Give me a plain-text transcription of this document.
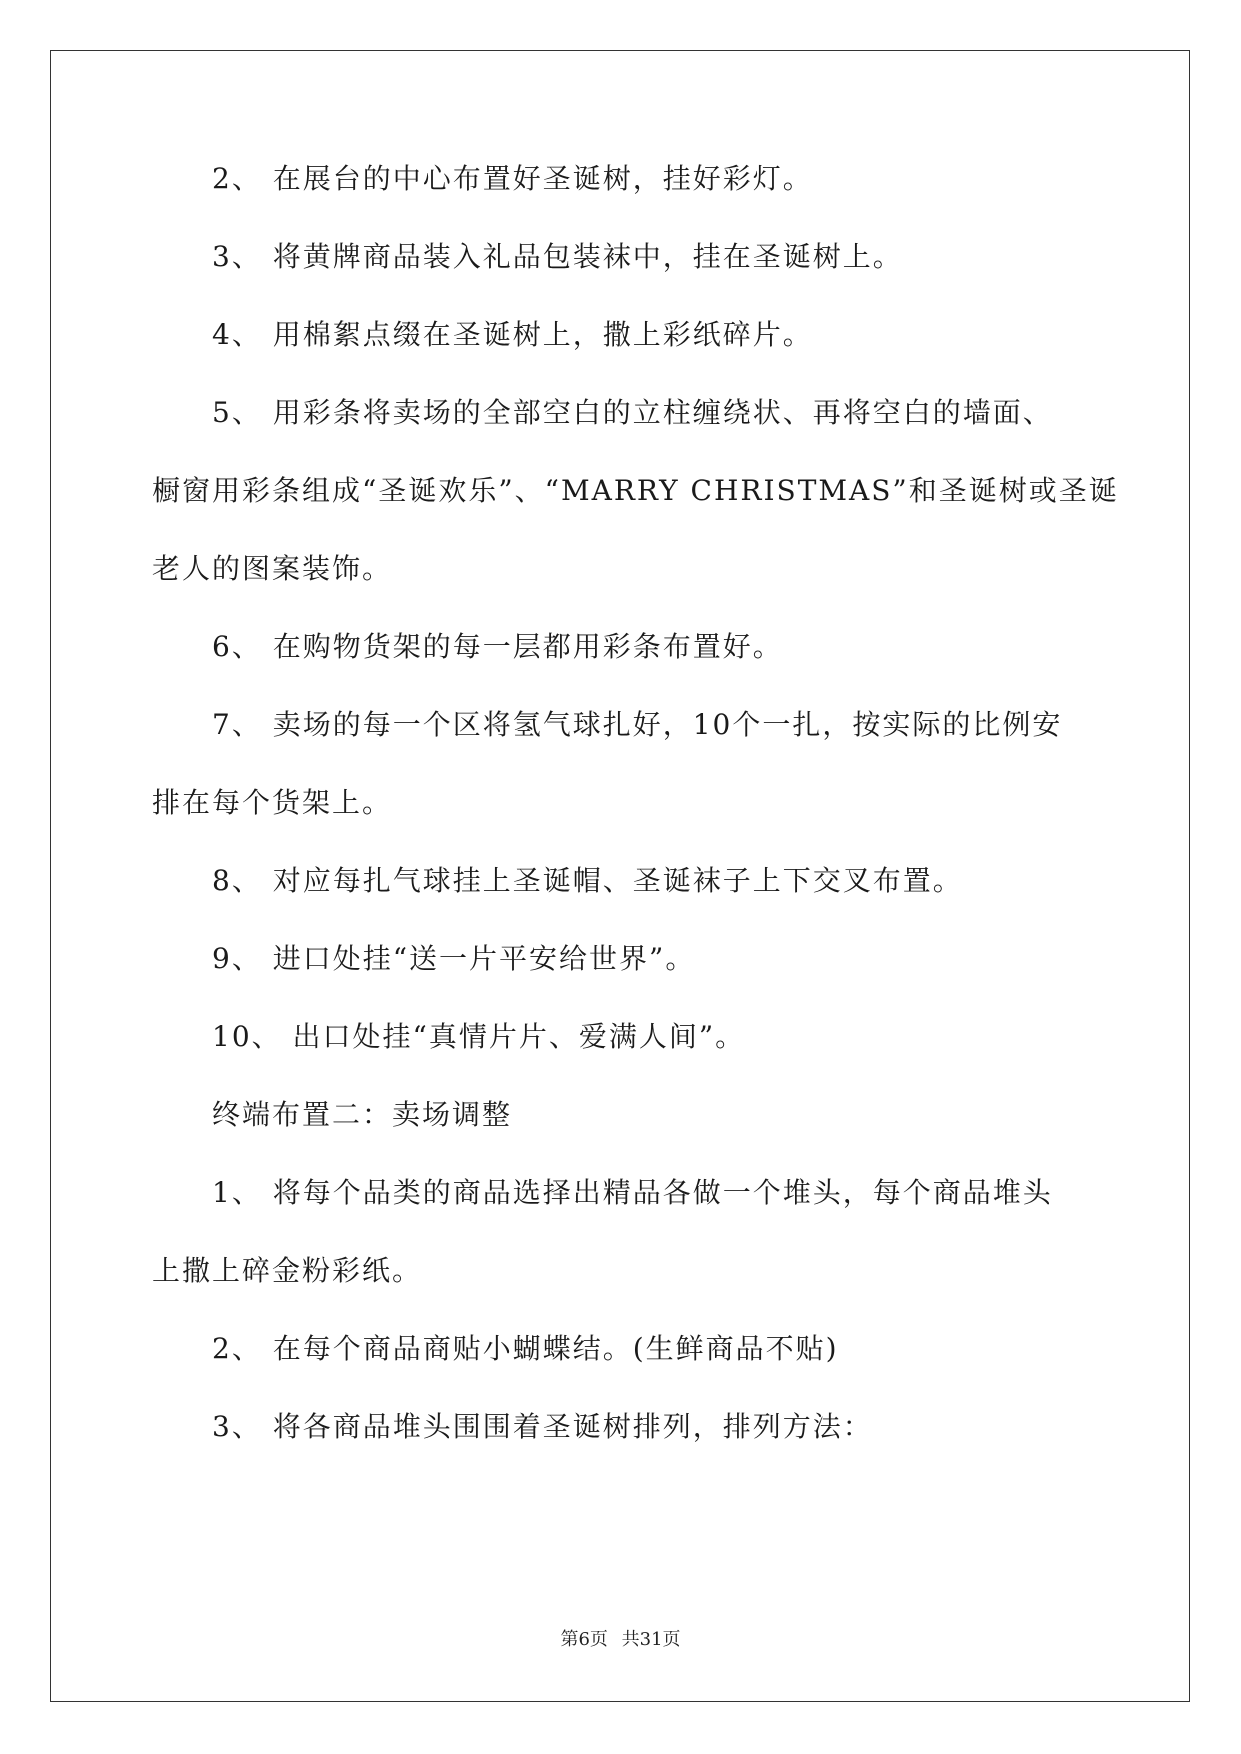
2、 在展台的中心布置好圣诞树，挂好彩灯。
3、 将黄牌商品装入礼品包装袜中，挂在圣诞树上。
4、 用棉絮点缀在圣诞树上，撒上彩纸碎片。
5、 用彩条将卖场的全部空白的立柱缠绕状、再将空白的墙面、
橱窗用彩条组成“圣诞欢乐”、“MARRY CHRISTMAS”和圣诞树或圣诞
老人的图案装饰。
6、 在购物货架的每一层都用彩条布置好。
7、 卖场的每一个区将氢气球扎好，10个一扎，按实际的比例安
排在每个货架上。
8、 对应每扎气球挂上圣诞帽、圣诞袜子上下交叉布置。
9、 进口处挂“送一片平安给世界”。
10、 出口处挂“真情片片、爱满人间”。
终端布置二：卖场调整
1、 将每个品类的商品选择出精品各做一个堆头，每个商品堆头
上撒上碎金粉彩纸。
2、 在每个商品商贴小蝴蝶结。(生鲜商品不贴)
3、 将各商品堆头围围着圣诞树排列，排列方法：
第6页 共31页
